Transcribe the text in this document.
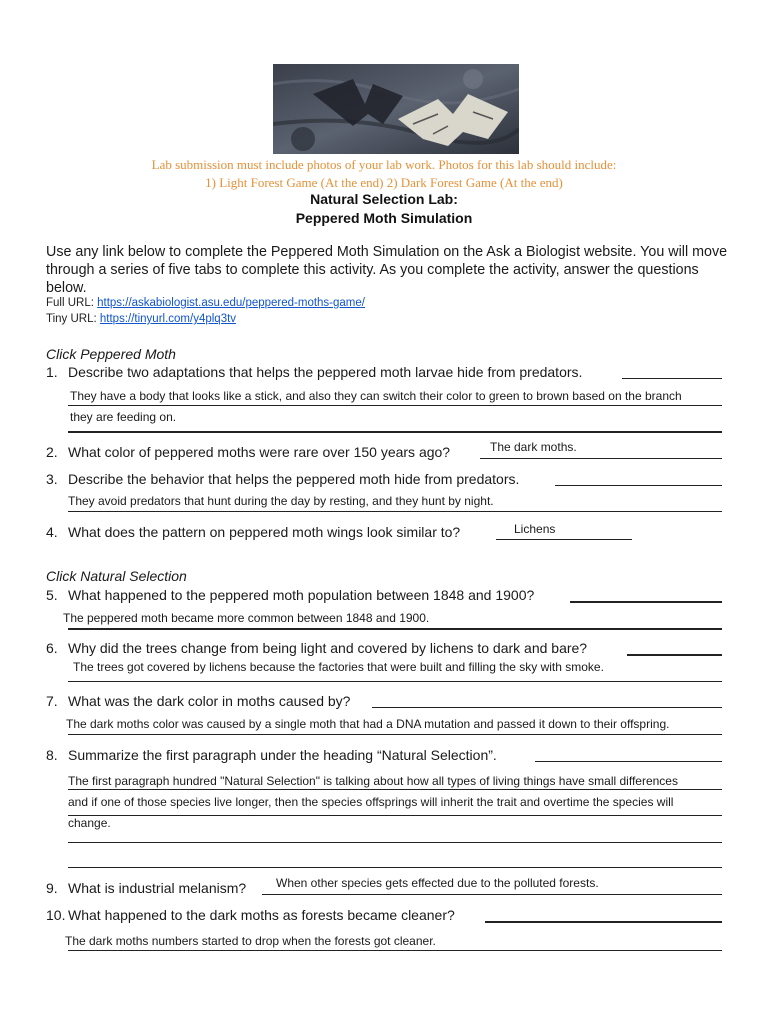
Lab submission must include photos of your lab work. Photos for this lab should include:
1) Light Forest Game (At the end) 2) Dark Forest Game (At the end)
Natural Selection Lab:
Peppered Moth Simulation
Use any link below to complete the Peppered Moth Simulation on the Ask a Biologist website. You will move through a series of five tabs to complete this activity. As you complete the activity, answer the questions below.
Full URL: https://askabiologist.asu.edu/peppered-moths-game/
Tiny URL: https://tinyurl.com/y4plq3tv
Click Peppered Moth
1. Describe two adaptations that helps the peppered moth larvae hide from predators.
They have a body that looks like a stick, and also they can switch their color to green to brown based on the branch
they are feeding on.
2. What color of peppered moths were rare over 150 years ago?	The dark moths.
3. Describe the behavior that helps the peppered moth hide from predators.
They avoid predators that hunt during the day by resting, and they hunt by night.
4. What does the pattern on peppered moth wings look similar to?	Lichens
Click Natural Selection
5. What happened to the peppered moth population between 1848 and 1900?
The peppered moth became more common between 1848 and 1900.
6. Why did the trees change from being light and covered by lichens to dark and bare?
The trees got covered by lichens because the factories that were built and filling the sky with smoke.
7. What was the dark color in moths caused by?
The dark moths color was caused by a single moth that had a DNA mutation and passed it down to their offspring.
8. Summarize the first paragraph under the heading “Natural Selection”.
The first paragraph hundred "Natural Selection" is talking about how all types of living things have small differences
and if one of those species live longer, then the species offsprings will inherit the trait and overtime the species will
change.
9. What is industrial melanism? When other species gets effected due to the polluted forests.
10. What happened to the dark moths as forests became cleaner?
The dark moths numbers started to drop when the forests got cleaner.
